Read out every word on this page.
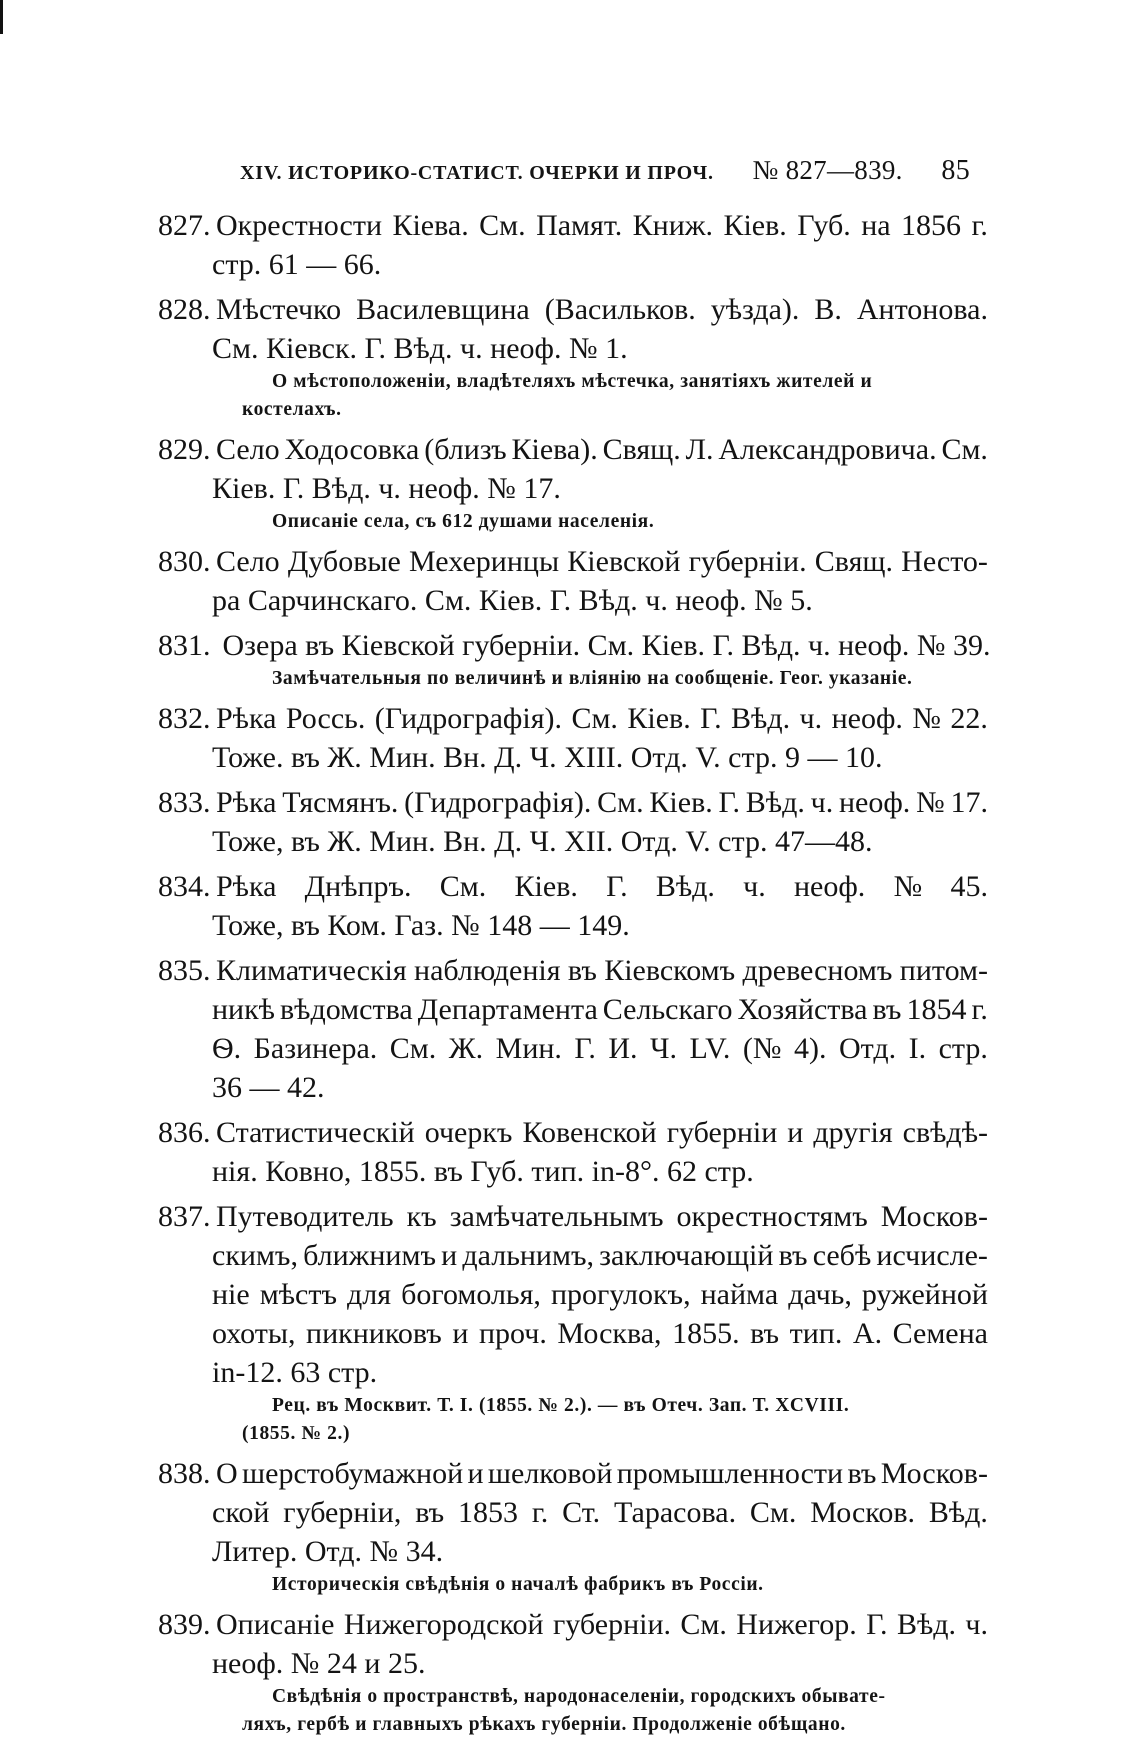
XIV. ИСТОРИКО-СТАТИСТ. ОЧЕРКИ И ПРОЧ. № 827—839. 85
827. Окрестности Кіева. См. Памят. Книж. Кіев. Губ. на 1856 г.
стр. 61 — 66.
828. Мѣстечко Василевщина (Васильков. уѣзда). В. Антонова.
См. Кіевск. Г. Вѣд. ч. неоф. № 1.
О мѣстоположеніи, владѣтеляхъ мѣстечка, занятіяхъ жителей и
костелахъ.
829. Село Ходосовка (близъ Кіева). Свящ. Л. Александровича. См.
Кіев. Г. Вѣд. ч. неоф. № 17.
Описаніе села, съ 612 душами населенія.
830. Село Дубовые Мехеринцы Кіевской губерніи. Свящ. Несто-
ра Сарчинскаго. См. Кіев. Г. Вѣд. ч. неоф. № 5.
831. Озера въ Кіевской губерніи. См. Кіев. Г. Вѣд. ч. неоф. № 39.
Замѣчательныя по величинѣ и вліянію на сообщеніе. Геог. указаніе.
832. Рѣка Россь. (Гидрографія). См. Кіев. Г. Вѣд. ч. неоф. № 22.
Тоже. въ Ж. Мин. Вн. Д. Ч. XIII. Отд. V. стр. 9 — 10.
833. Рѣка Тясмянъ. (Гидрографія). См. Кіев. Г. Вѣд. ч. неоф. № 17.
Тоже, въ Ж. Мин. Вн. Д. Ч. XII. Отд. V. стр. 47—48.
834. Рѣка Днѣпръ. См. Кіев. Г. Вѣд. ч. неоф. № 45.
Тоже, въ Ком. Газ. № 148 — 149.
835. Климатическія наблюденія въ Кіевскомъ древесномъ питом-
никѣ вѣдомства Департамента Сельскаго Хозяйства въ 1854 г.
Ѳ. Базинера. См. Ж. Мин. Г. И. Ч. LV. (№ 4). Отд. I. стр.
36 — 42.
836. Статистическій очеркъ Ковенской губерніи и другія свѣдѣ-
нія. Ковно, 1855. въ Губ. тип. in-8°. 62 стр.
837. Путеводитель къ замѣчательнымъ окрестностямъ Москов-
скимъ, ближнимъ и дальнимъ, заключающій въ себѣ исчисле-
ніе мѣстъ для богомолья, прогулокъ, найма дачь, ружейной
охоты, пикниковъ и проч. Москва, 1855. въ тип. А. Семена
in-12. 63 стр.
Рец. въ Москвит. Т. I. (1855. № 2.). — въ Отеч. Зап. Т. XCVIII.
(1855. № 2.)
838. О шерстобумажной и шелковой промышленности въ Москов-
ской губерніи, въ 1853 г. Ст. Тарасова. См. Москов. Вѣд.
Литер. Отд. № 34.
Историческія свѣдѣнія о началѣ фабрикъ въ Россіи.
839. Описаніе Нижегородской губерніи. См. Нижегор. Г. Вѣд. ч.
неоф. № 24 и 25.
Свѣдѣнія о пространствѣ, народонаселеніи, городскихъ обывате-
ляхъ, гербѣ и главныхъ рѣкахъ губерніи. Продолженіе обѣщано.
